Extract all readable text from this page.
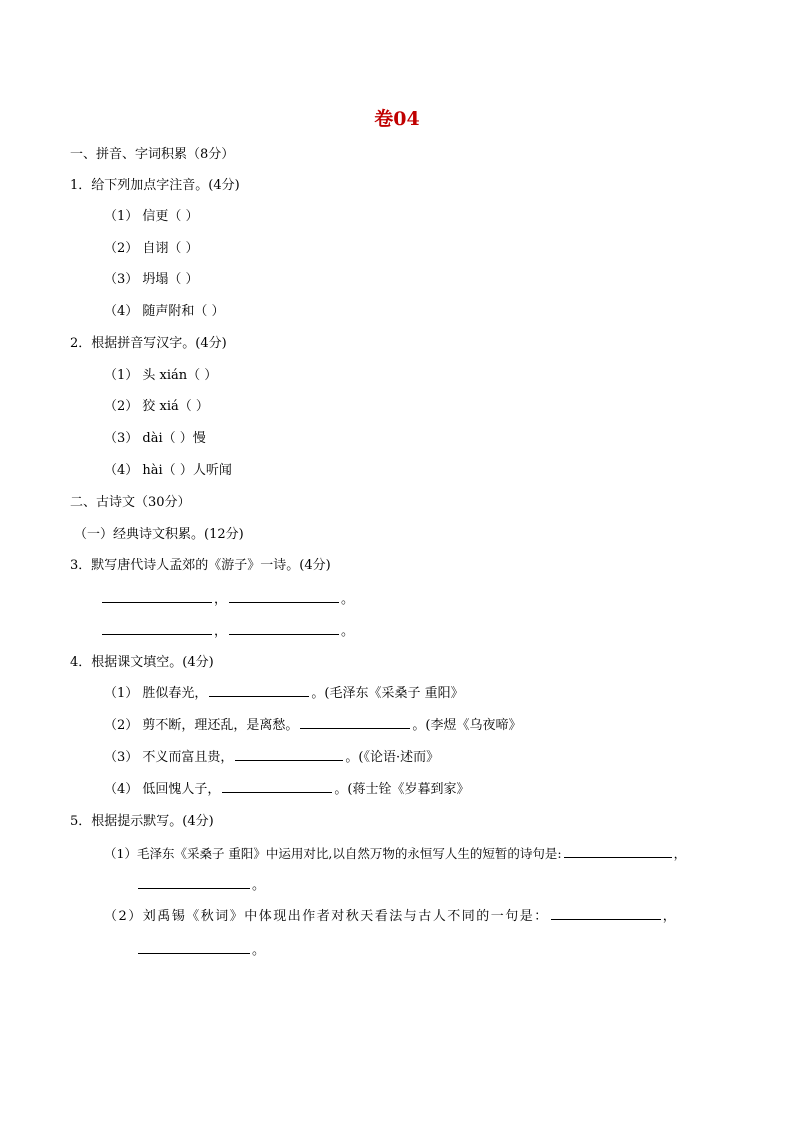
卷04
一、拼音、字词积累（8分）
1．给下列加点字注音。(4分)
（1） 信更（ ）
（2） 自诩（ ）
（3） 坍塌（ ）
（4） 随声附和（ ）
2．根据拼音写汉字。(4分)
（1） 头 xián（ ）
（2） 狡 xiá（ ）
（3） dài（ ）慢
（4） hài（ ）人听闻
二、古诗文（30分）
（一）经典诗文积累。(12分)
3．默写唐代诗人孟郊的《游子》一诗。(4分)
，	。
，	。
4．根据课文填空。(4分)
（1） 胜似春光，	。(毛泽东《采桑子 重阳》
（2） 剪不断，理还乱，是离愁。	。(李煜《乌夜啼》
（3） 不义而富且贵，	。(《论语·述而》
（4） 低回愧人子，	。(蒋士铨《岁暮到家》
5．根据提示默写。(4分)
（1）毛泽东《采桑子 重阳》中运用对比,以自然万物的永恒写人生的短暂的诗句是:	，
。
（2）刘禹锡《秋词》中体现出作者对秋天看法与古人不同的一句是：	，
。
